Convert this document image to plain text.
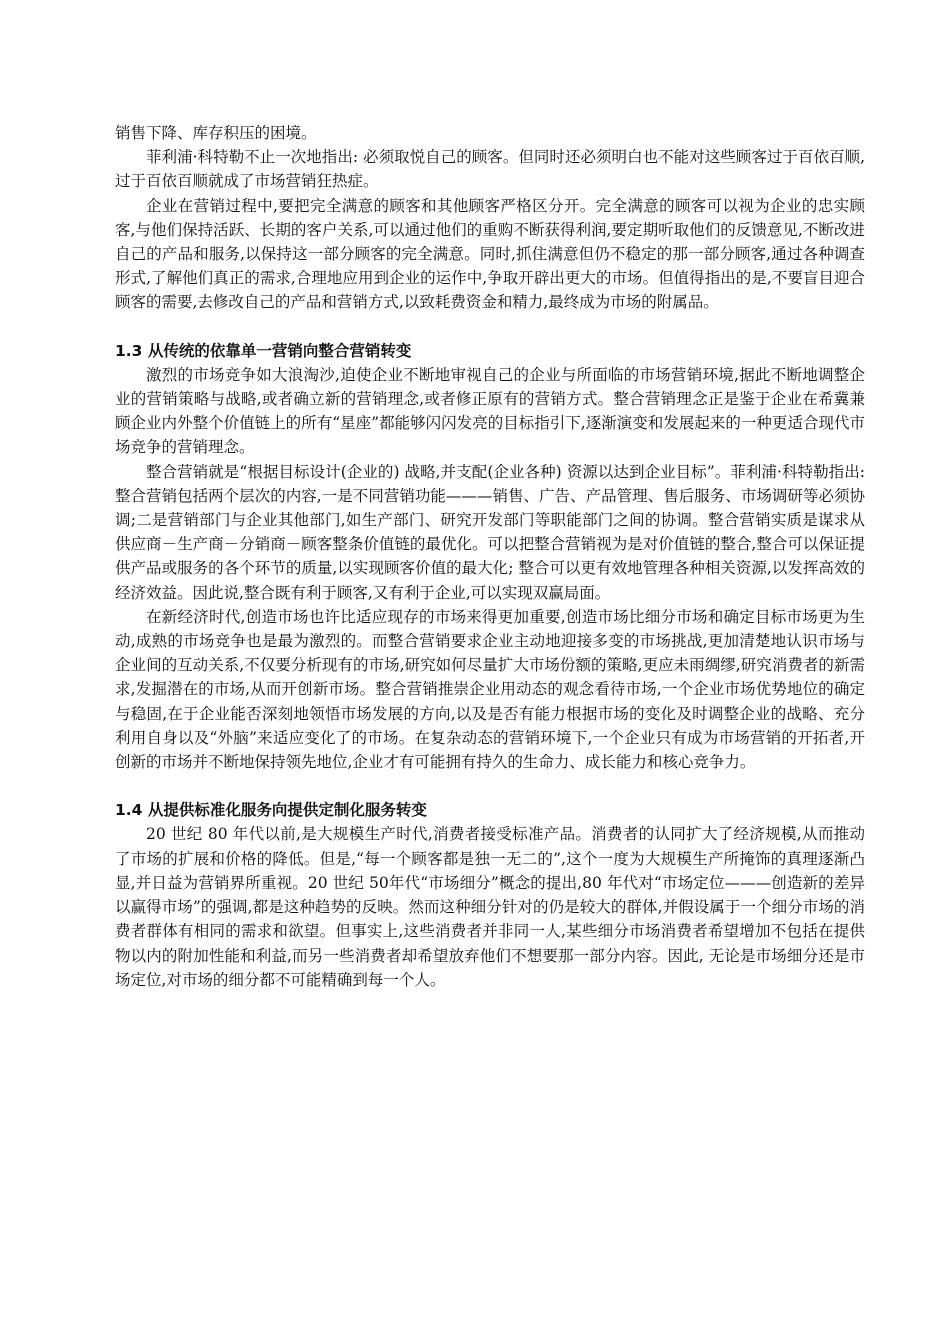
销售下降、库存积压的困境。

菲利浦·科特勒不止一次地指出: 必须取悦自己的顾客。但同时还必须明白也不能对这些顾客过于百依百顺,过于百依百顺就成了市场营销狂热症。

企业在营销过程中,要把完全满意的顾客和其他顾客严格区分开。完全满意的顾客可以视为企业的忠实顾客,与他们保持活跃、长期的客户关系,可以通过他们的重购不断获得利润,要定期听取他们的反馈意见,不断改进自己的产品和服务,以保持这一部分顾客的完全满意。同时,抓住满意但仍不稳定的那一部分顾客,通过各种调查形式,了解他们真正的需求,合理地应用到企业的运作中,争取开辟出更大的市场。但值得指出的是,不要盲目迎合顾客的需要,去修改自己的产品和营销方式,以致耗费资金和精力,最终成为市场的附属品。

1.3 从传统的依靠单一营销向整合营销转变

激烈的市场竞争如大浪淘沙,迫使企业不断地审视自己的企业与所面临的市场营销环境,据此不断地调整企业的营销策略与战略,或者确立新的营销理念,或者修正原有的营销方式。整合营销理念正是鉴于企业在希冀兼顾企业内外整个价值链上的所有“星座”都能够闪闪发亮的目标指引下,逐渐演变和发展起来的一种更适合现代市场竞争的营销理念。

整合营销就是“根据目标设计(企业的) 战略,并支配(企业各种) 资源以达到企业目标”。菲利浦·科特勒指出:整合营销包括两个层次的内容,一是不同营销功能———销售、广告、产品管理、售后服务、市场调研等必须协调;二是营销部门与企业其他部门,如生产部门、研究开发部门等职能部门之间的协调。整合营销实质是谋求从供应商－生产商－分销商－顾客整条价值链的最优化。可以把整合营销视为是对价值链的整合,整合可以保证提供产品或服务的各个环节的质量,以实现顾客价值的最大化; 整合可以更有效地管理各种相关资源,以发挥高效的经济效益。因此说,整合既有利于顾客,又有利于企业,可以实现双赢局面。

在新经济时代,创造市场也许比适应现存的市场来得更加重要,创造市场比细分市场和确定目标市场更为生动,成熟的市场竞争也是最为激烈的。而整合营销要求企业主动地迎接多变的市场挑战,更加清楚地认识市场与企业间的互动关系,不仅要分析现有的市场,研究如何尽量扩大市场份额的策略,更应未雨绸缪,研究消费者的新需求,发掘潜在的市场,从而开创新市场。整合营销推崇企业用动态的观念看待市场,一个企业市场优势地位的确定与稳固,在于企业能否深刻地领悟市场发展的方向,以及是否有能力根据市场的变化及时调整企业的战略、充分利用自身以及“外脑”来适应变化了的市场。在复杂动态的营销环境下,一个企业只有成为市场营销的开拓者,开创新的市场并不断地保持领先地位,企业才有可能拥有持久的生命力、成长能力和核心竞争力。

1.4 从提供标准化服务向提供定制化服务转变

20 世纪 80 年代以前,是大规模生产时代,消费者接受标准产品。消费者的认同扩大了经济规模,从而推动了市场的扩展和价格的降低。但是,“每一个顾客都是独一无二的”,这个一度为大规模生产所掩饰的真理逐渐凸显,并日益为营销界所重视。20 世纪 50年代“市场细分”概念的提出,80 年代对“市场定位———创造新的差异以赢得市场”的强调,都是这种趋势的反映。然而这种细分针对的仍是较大的群体,并假设属于一个细分市场的消费者群体有相同的需求和欲望。但事实上,这些消费者并非同一人,某些细分市场消费者希望增加不包括在提供物以内的附加性能和利益,而另一些消费者却希望放弃他们不想要那一部分内容。因此, 无论是市场细分还是市场定位,对市场的细分都不可能精确到每一个人。
